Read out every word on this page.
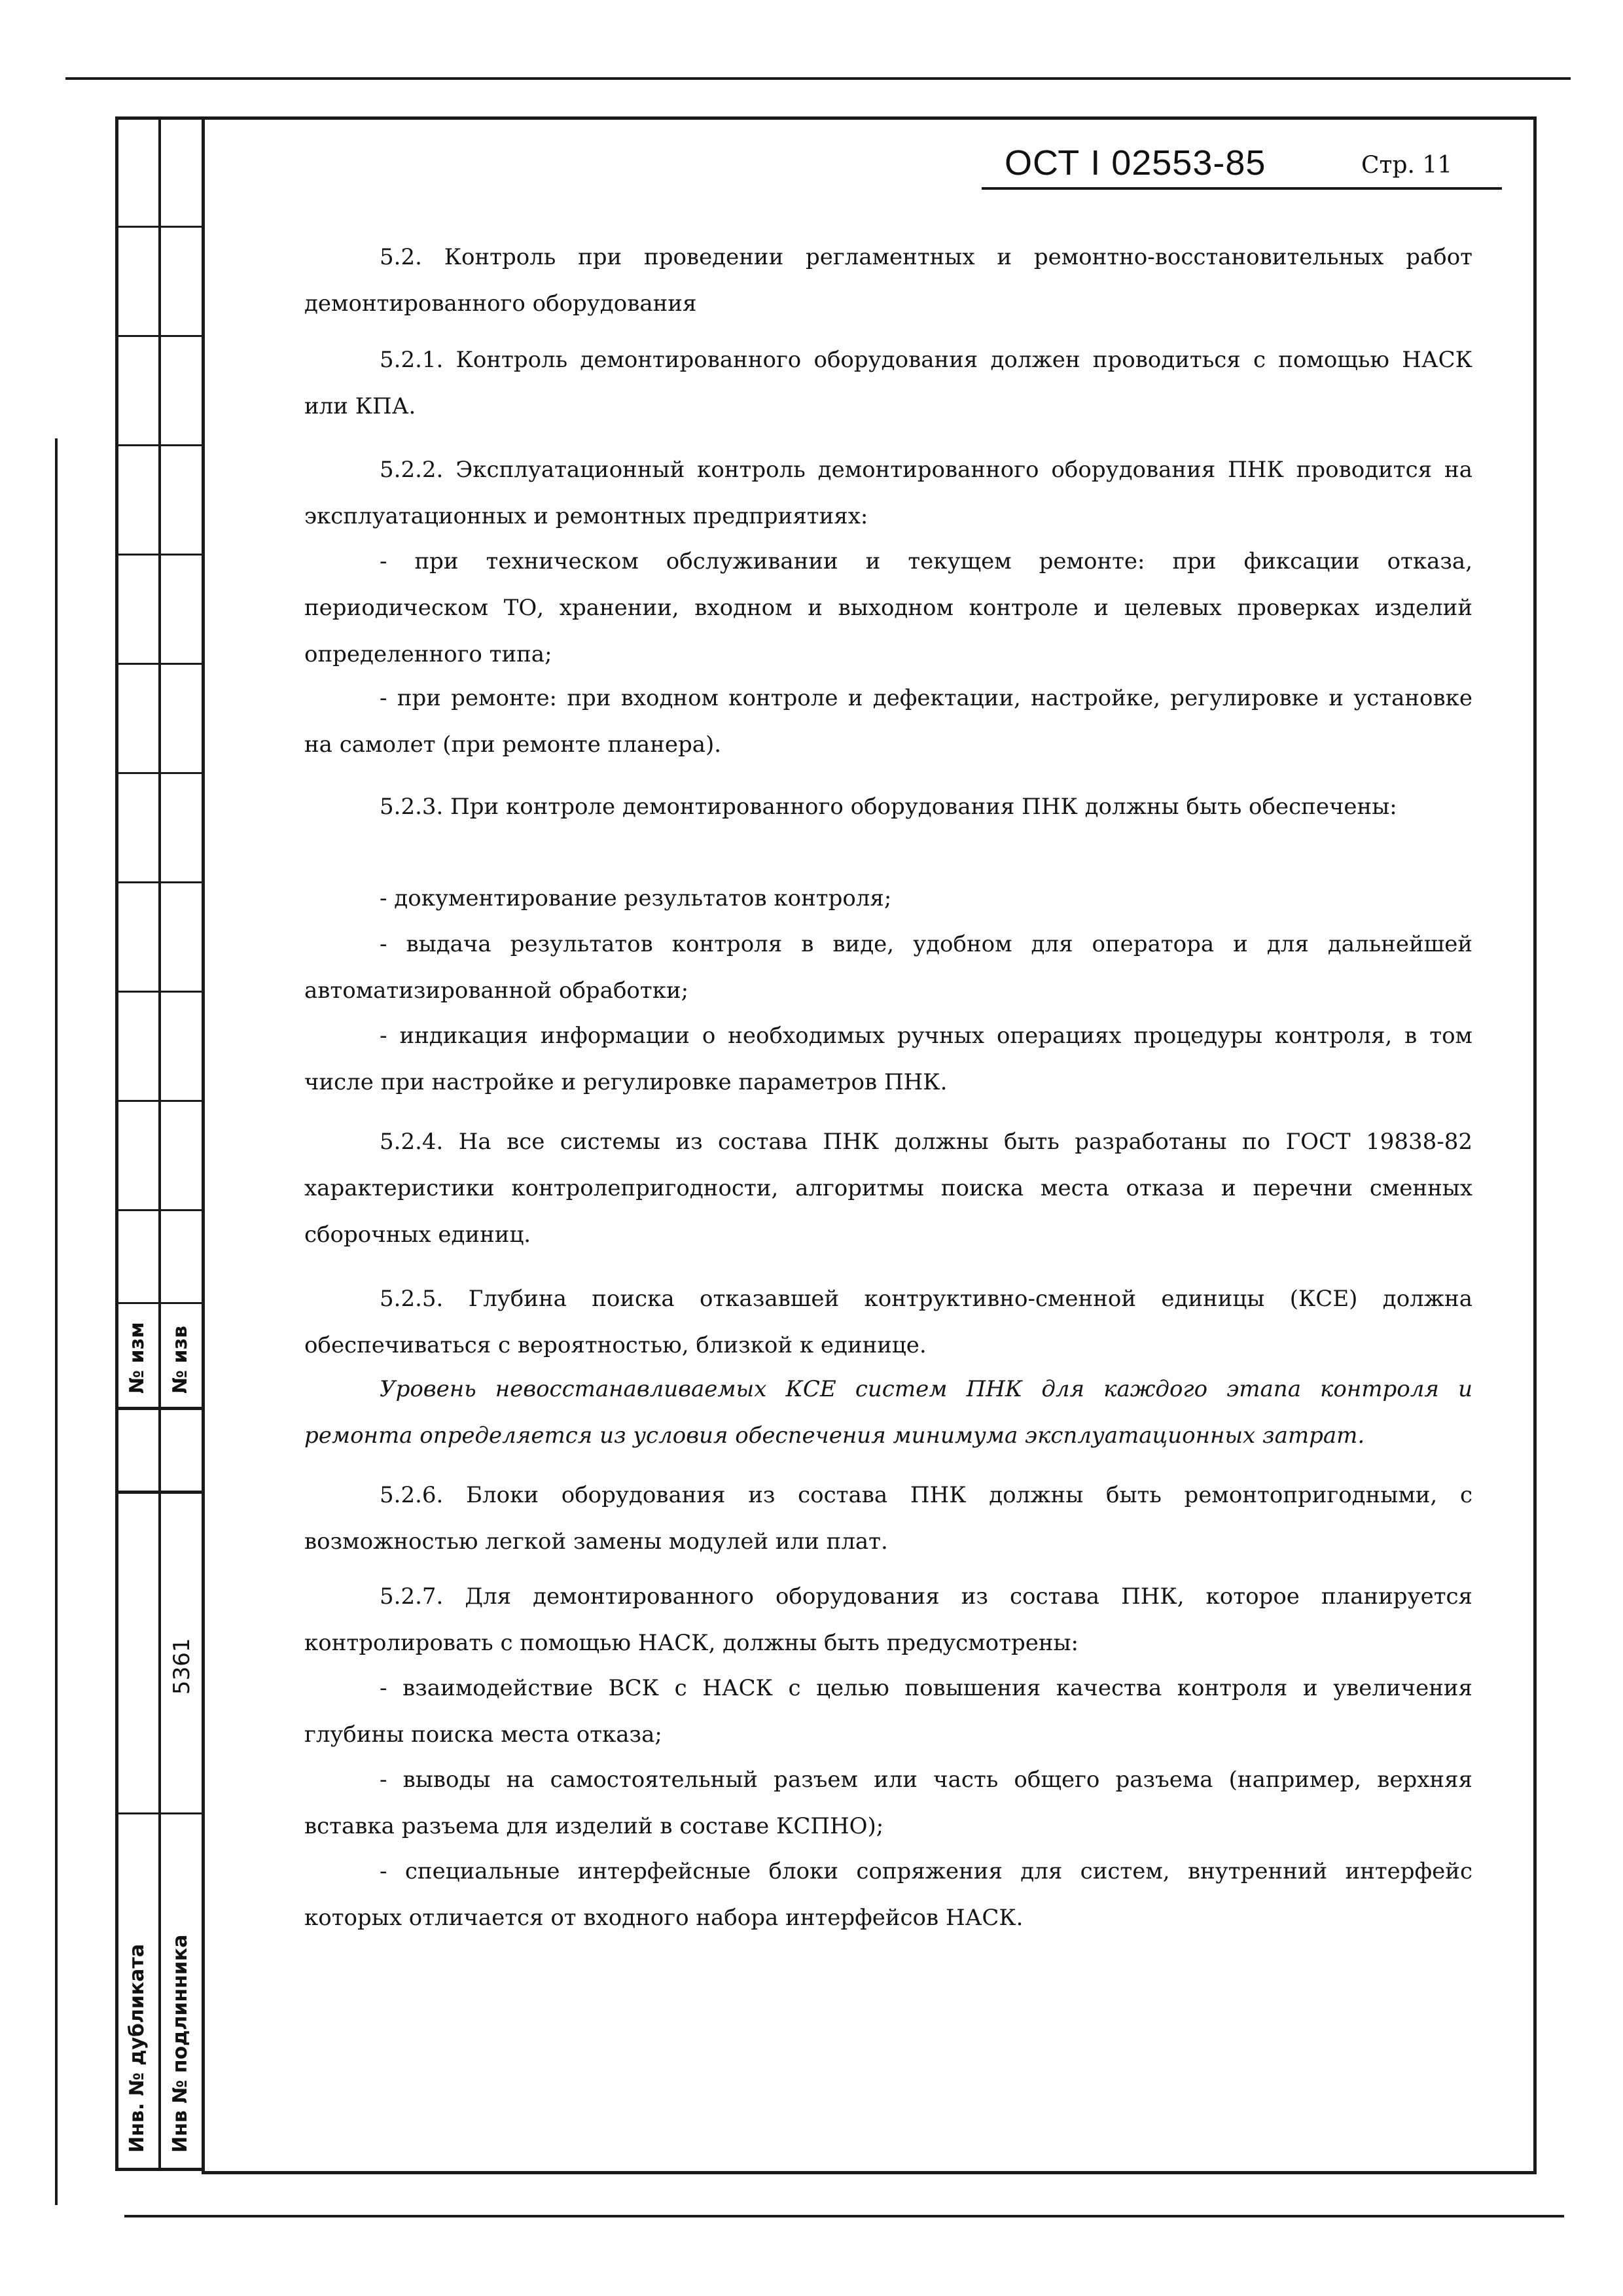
№ изм № изв
5361
Инв. № дубликата Инв № подлинника
ОСТ I 02553-85	Стр. 11

5.2. Контроль при проведении регламентных и ремонтно-восстановительных работ демонтированного оборудования

5.2.1. Контроль демонтированного оборудования должен проводиться с помощью НАСК или КПА.

5.2.2. Эксплуатационный контроль демонтированного оборудования ПНК проводится на эксплуатационных и ремонтных предприятиях:

- при техническом обслуживании и текущем ремонте: при фиксации отказа, периодическом ТО, хранении, входном и выходном контроле и целевых проверках изделий определенного типа;

- при ремонте: при входном контроле и дефектации, настройке, регулировке и установке на самолет (при ремонте планера).

5.2.3. При контроле демонтированного оборудования ПНК должны быть обеспечены:

- документирование результатов контроля;

- выдача результатов контроля в виде, удобном для оператора и для дальнейшей автоматизированной обработки;

- индикация информации о необходимых ручных операциях процедуры контроля, в том числе при настройке и регулировке параметров ПНК.

5.2.4. На все системы из состава ПНК должны быть разработаны по ГОСТ 19838-82 характеристики контролепригодности, алгоритмы поиска места отказа и перечни сменных сборочных единиц.

5.2.5. Глубина поиска отказавшей контруктивно-сменной единицы (КСЕ) должна обеспечиваться с вероятностью, близкой к единице.

Уровень невосстанавливаемых КСЕ систем ПНК для каждого этапа контроля и ремонта определяется из условия обеспечения минимума эксплуатационных затрат.

5.2.6. Блоки оборудования из состава ПНК должны быть ремонтопригодными, с возможностью легкой замены модулей или плат.

5.2.7. Для демонтированного оборудования из состава ПНК, которое планируется контролировать с помощью НАСК, должны быть предусмотрены:

- взаимодействие ВСК с НАСК с целью повышения качества контроля и увеличения глубины поиска места отказа;

- выводы на самостоятельный разъем или часть общего разъема (например, верхняя вставка разъема для изделий в составе КСПНО);

- специальные интерфейсные блоки сопряжения для систем, внутренний интерфейс которых отличается от входного набора интерфейсов НАСК.
